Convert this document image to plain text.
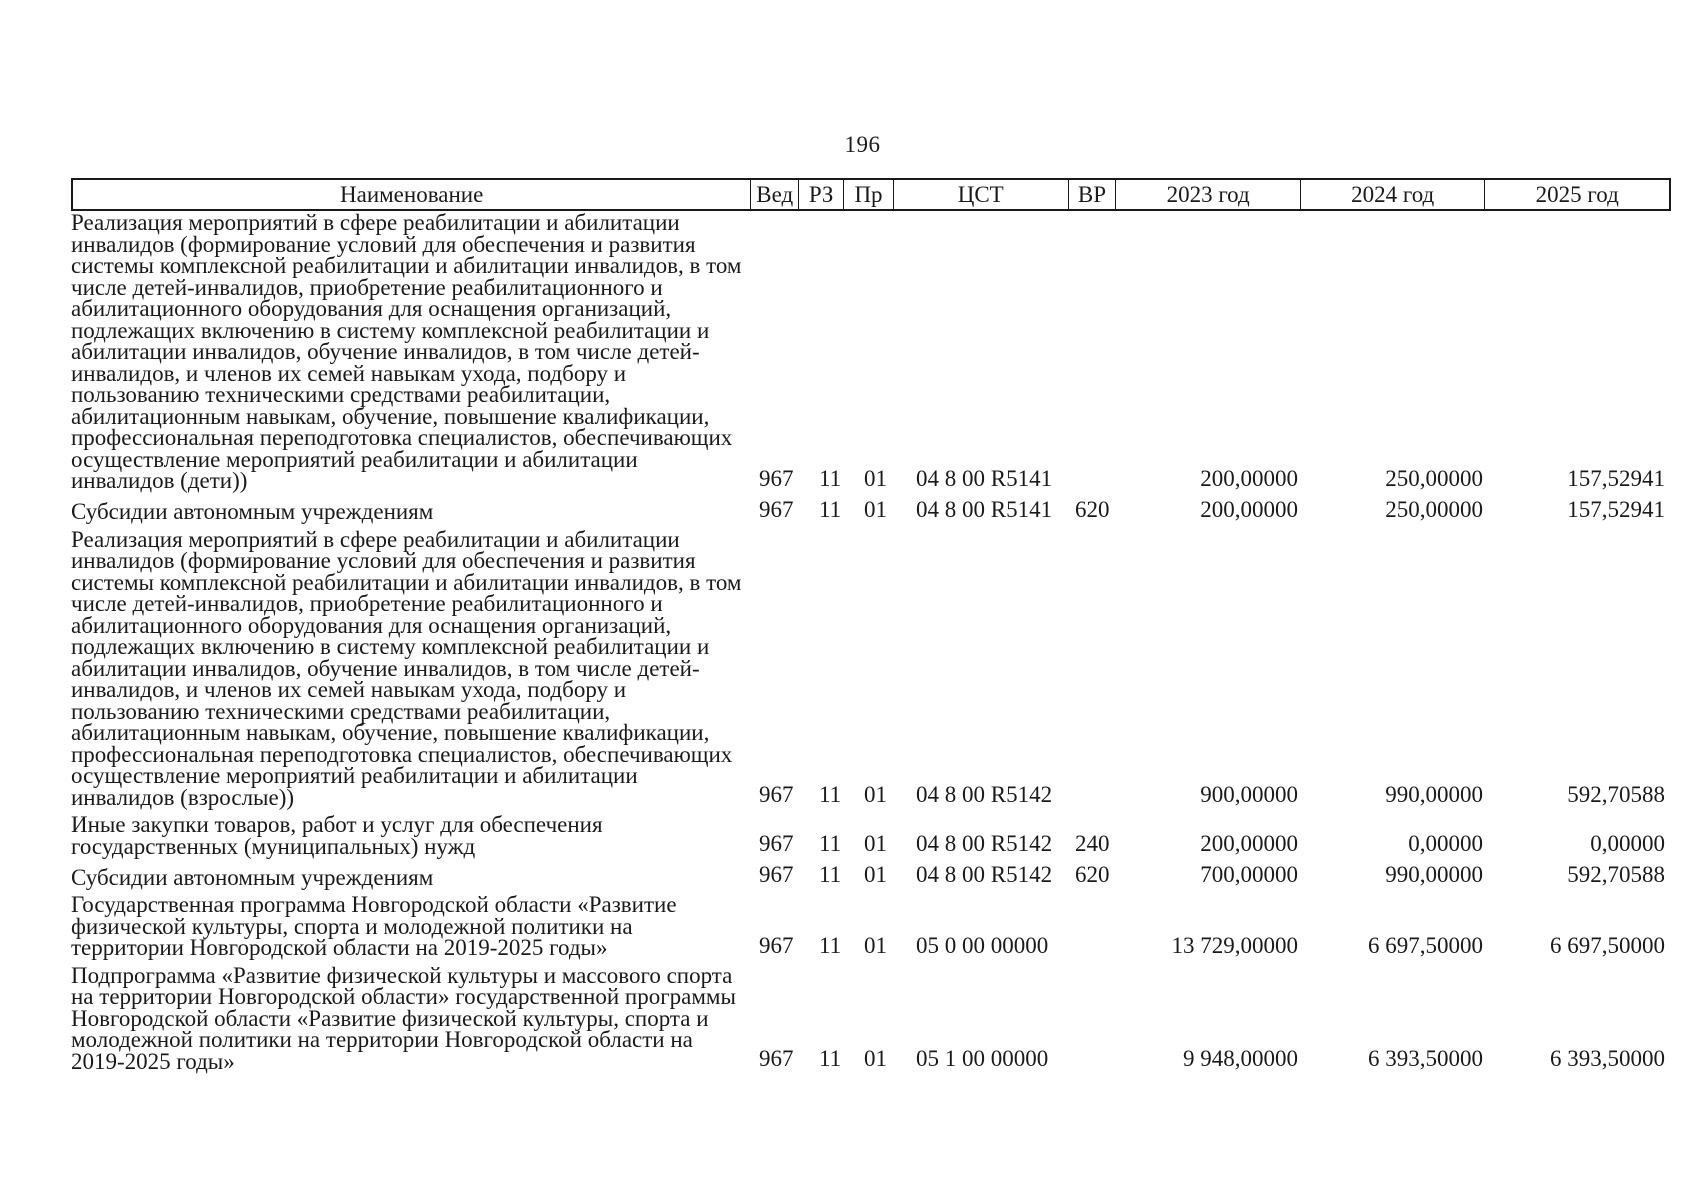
196
Наименование	Вед РЗ Пр	ЦСТ	ВР	2023 год	2024 год	2025 год
Реализация мероприятий в сфере реабилитации и абилитации инвалидов (формирование условий для обеспечения и развития системы комплексной реабилитации и абилитации инвалидов, в том числе детей-инвалидов, приобретение реабилитационного и абилитационного оборудования для оснащения организаций, подлежащих включению в систему комплексной реабилитации и абилитации инвалидов, обучение инвалидов, в том числе детей-инвалидов, и членов их семей навыкам ухода, подбору и пользованию техническими средствами реабилитации, абилитационным навыкам, обучение, повышение квалификации, профессиональная переподготовка специалистов, обеспечивающих осуществление мероприятий реабилитации и абилитации инвалидов (дети))	967	11 01	04 8 00 R5141	200,00000	250,00000	157,52941
Субсидии автономным учреждениям	967	11 01	04 8 00 R5141 620	200,00000	250,00000	157,52941
Реализация мероприятий в сфере реабилитации и абилитации инвалидов (формирование условий для обеспечения и развития системы комплексной реабилитации и абилитации инвалидов, в том числе детей-инвалидов, приобретение реабилитационного и абилитационного оборудования для оснащения организаций, подлежащих включению в систему комплексной реабилитации и абилитации инвалидов, обучение инвалидов, в том числе детей-инвалидов, и членов их семей навыкам ухода, подбору и пользованию техническими средствами реабилитации, абилитационным навыкам, обучение, повышение квалификации, профессиональная переподготовка специалистов, обеспечивающих осуществление мероприятий реабилитации и абилитации инвалидов (взрослые))	967	11 01	04 8 00 R5142	900,00000	990,00000	592,70588
Иные закупки товаров, работ и услуг для обеспечения государственных (муниципальных) нужд	967	11 01	04 8 00 R5142 240	200,00000	0,00000	0,00000
Субсидии автономным учреждениям	967	11 01	04 8 00 R5142 620	700,00000	990,00000	592,70588
Государственная программа Новгородской области «Развитие физической культуры, спорта и молодежной политики на территории Новгородской области на 2019-2025 годы»	967	11 01	05 0 00 00000	13 729,00000	6 697,50000	6 697,50000
Подпрограмма «Развитие физической культуры и массового спорта на территории Новгородской области» государственной программы Новгородской области «Развитие физической культуры, спорта и молодежной политики на территории Новгородской области на 2019-2025 годы»	967	11 01	05 1 00 00000	9 948,00000	6 393,50000	6 393,50000
